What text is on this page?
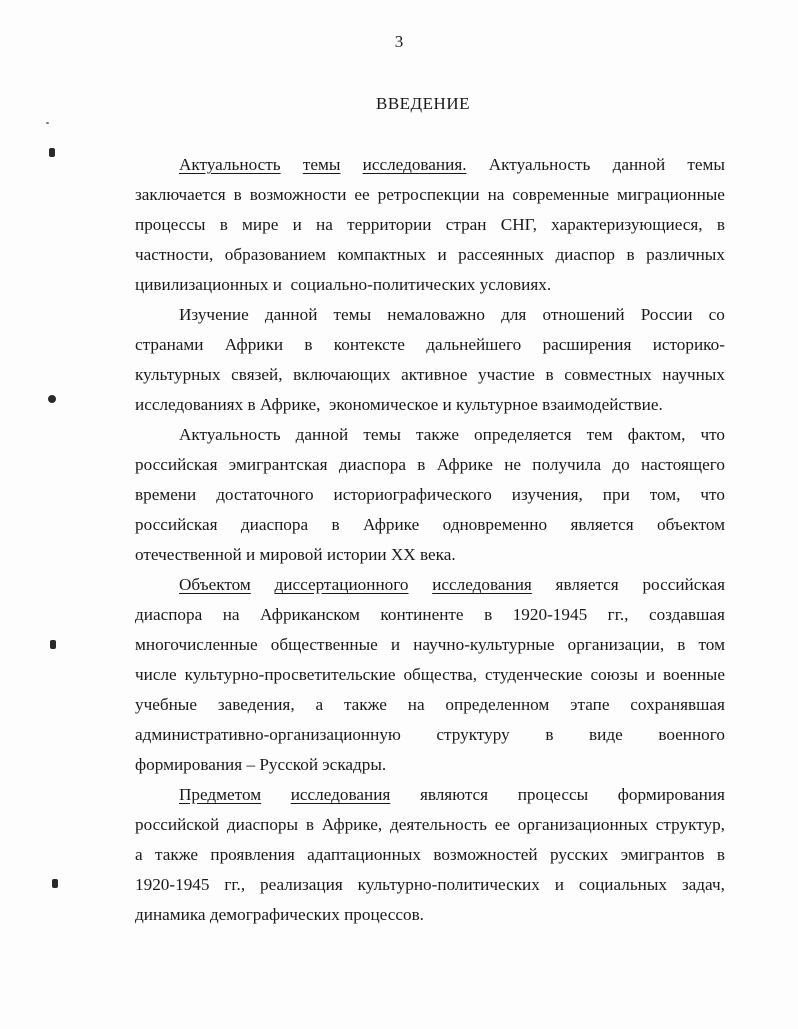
3
ВВЕДЕНИЕ
Актуальность темы исследования. Актуальность данной темы
заключается в возможности ее ретроспекции на современные миграционные
процессы в мире и на территории стран СНГ, характеризующиеся, в
частности, образованием компактных и рассеянных диаспор в различных
цивилизационных и  социально-политических условиях.
Изучение данной темы немаловажно для отношений России со
странами Африки в контексте дальнейшего расширения историко-
культурных связей, включающих активное участие в совместных научных
исследованиях в Африке,  экономическое и культурное взаимодействие.
Актуальность данной темы также определяется тем фактом, что
российская эмигрантская диаспора в Африке не получила до настоящего
времени достаточного историографического изучения, при том, что
российская диаспора в Африке одновременно является объектом
отечественной и мировой истории XX века.
Объектом диссертационного исследования является российская
диаспора на Африканском континенте в 1920-1945 гг., создавшая
многочисленные общественные и научно-культурные организации, в том
числе культурно-просветительские общества, студенческие союзы и военные
учебные заведения, а также на определенном этапе сохранявшая
административно-организационную структуру в виде военного
формирования – Русской эскадры.
Предметом исследования являются процессы формирования
российской диаспоры в Африке, деятельность ее организационных структур,
а также проявления адаптационных возможностей русских эмигрантов в
1920-1945 гг., реализация культурно-политических и социальных задач,
динамика демографических процессов.
